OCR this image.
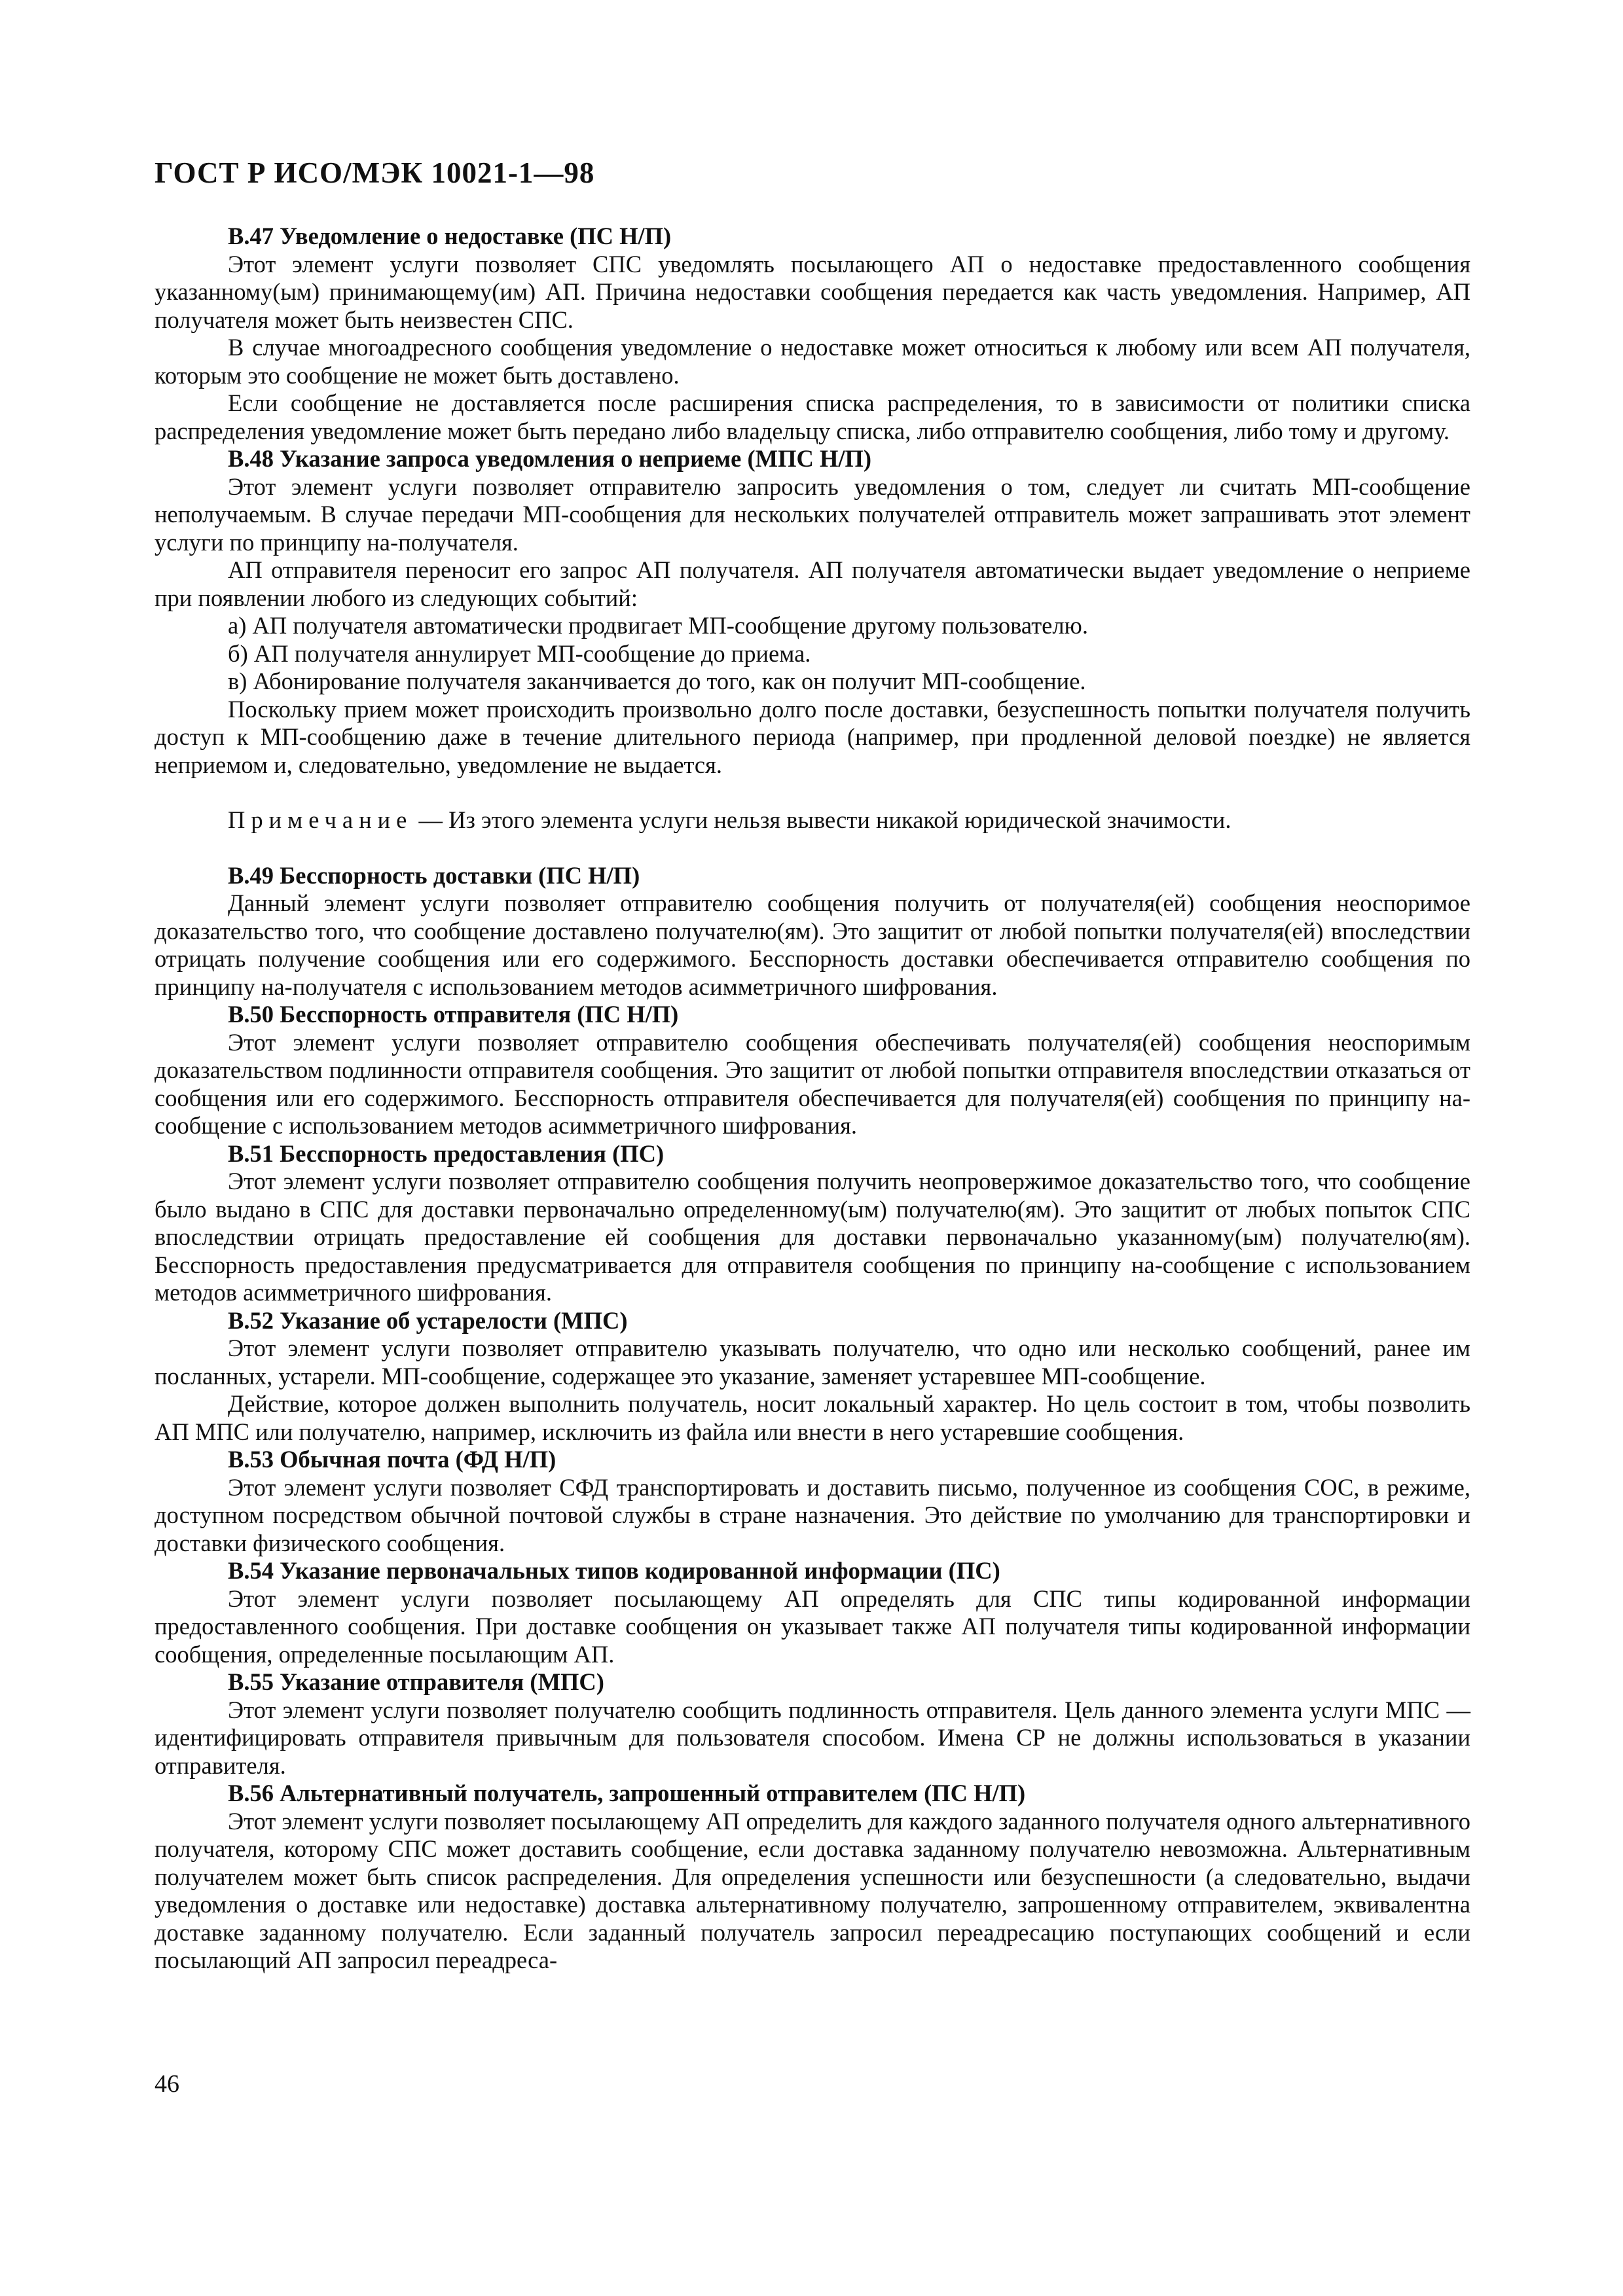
ГОСТ Р ИСО/МЭК 10021-1—98

В.47 Уведомление о недоставке (ПС Н/П)

Этот элемент услуги позволяет СПС уведомлять посылающего АП о недоставке предоставленного сообщения указанному(ым) принимающему(им) АП. Причина недоставки сообщения передается как часть уведомления. Например, АП получателя может быть неизвестен СПС.

В случае многоадресного сообщения уведомление о недоставке может относиться к любому или всем АП получателя, которым это сообщение не может быть доставлено.

Если сообщение не доставляется после расширения списка распределения, то в зависимости от политики списка распределения уведомление может быть передано либо владельцу списка, либо отправителю сообщения, либо тому и другому.

В.48 Указание запроса уведомления о неприеме (МПС Н/П)

Этот элемент услуги позволяет отправителю запросить уведомления о том, следует ли считать МП-сообщение неполучаемым. В случае передачи МП-сообщения для нескольких получателей отправитель может запрашивать этот элемент услуги по принципу на-получателя.

АП отправителя переносит его запрос АП получателя. АП получателя автоматически выдает уведомление о неприеме при появлении любого из следующих событий:

а) АП получателя автоматически продвигает МП-сообщение другому пользователю.

б) АП получателя аннулирует МП-сообщение до приема.

в) Абонирование получателя заканчивается до того, как он получит МП-сообщение.

Поскольку прием может происходить произвольно долго после доставки, безуспешность попытки получателя получить доступ к МП-сообщению даже в течение длительного периода (например, при продленной деловой поездке) не является неприемом и, следовательно, уведомление не выдается.

Примечание — Из этого элемента услуги нельзя вывести никакой юридической значимости.

В.49 Бесспорность доставки (ПС Н/П)

Данный элемент услуги позволяет отправителю сообщения получить от получателя(ей) сообщения неоспоримое доказательство того, что сообщение доставлено получателю(ям). Это защитит от любой попытки получателя(ей) впоследствии отрицать получение сообщения или его содержимого. Бесспорность доставки обеспечивается отправителю сообщения по принципу на-получателя с использованием методов асимметричного шифрования.

В.50 Бесспорность отправителя (ПС Н/П)

Этот элемент услуги позволяет отправителю сообщения обеспечивать получателя(ей) сообщения неоспоримым доказательством подлинности отправителя сообщения. Это защитит от любой попытки отправителя впоследствии отказаться от сообщения или его содержимого. Бесспорность отправителя обеспечивается для получателя(ей) сообщения по принципу на-сообщение с использованием методов асимметричного шифрования.

В.51 Бесспорность предоставления (ПС)

Этот элемент услуги позволяет отправителю сообщения получить неопровержимое доказательство того, что сообщение было выдано в СПС для доставки первоначально определенному(ым) получателю(ям). Это защитит от любых попыток СПС впоследствии отрицать предоставление ей сообщения для доставки первоначально указанному(ым) получателю(ям). Бесспорность предоставления предусматривается для отправителя сообщения по принципу на-сообщение с использованием методов асимметричного шифрования.

В.52 Указание об устарелости (МПС)

Этот элемент услуги позволяет отправителю указывать получателю, что одно или несколько сообщений, ранее им посланных, устарели. МП-сообщение, содержащее это указание, заменяет устаревшее МП-сообщение.

Действие, которое должен выполнить получатель, носит локальный характер. Но цель состоит в том, чтобы позволить АП МПС или получателю, например, исключить из файла или внести в него устаревшие сообщения.

В.53 Обычная почта (ФД Н/П)

Этот элемент услуги позволяет СФД транспортировать и доставить письмо, полученное из сообщения СОС, в режиме, доступном посредством обычной почтовой службы в стране назначения. Это действие по умолчанию для транспортировки и доставки физического сообщения.

В.54 Указание первоначальных типов кодированной информации (ПС)

Этот элемент услуги позволяет посылающему АП определять для СПС типы кодированной информации предоставленного сообщения. При доставке сообщения он указывает также АП получателя типы кодированной информации сообщения, определенные посылающим АП.

В.55 Указание отправителя (МПС)

Этот элемент услуги позволяет получателю сообщить подлинность отправителя. Цель данного элемента услуги МПС — идентифицировать отправителя привычным для пользователя способом. Имена СР не должны использоваться в указании отправителя.

В.56 Альтернативный получатель, запрошенный отправителем (ПС Н/П)

Этот элемент услуги позволяет посылающему АП определить для каждого заданного получателя одного альтернативного получателя, которому СПС может доставить сообщение, если доставка заданному получателю невозможна. Альтернативным получателем может быть список распределения. Для определения успешности или безуспешности (а следовательно, выдачи уведомления о доставке или недоставке) доставка альтернативному получателю, запрошенному отправителем, эквивалентна доставке заданному получателю. Если заданный получатель запросил переадресацию поступающих сообщений и если посылающий АП запросил переадреса-

46
